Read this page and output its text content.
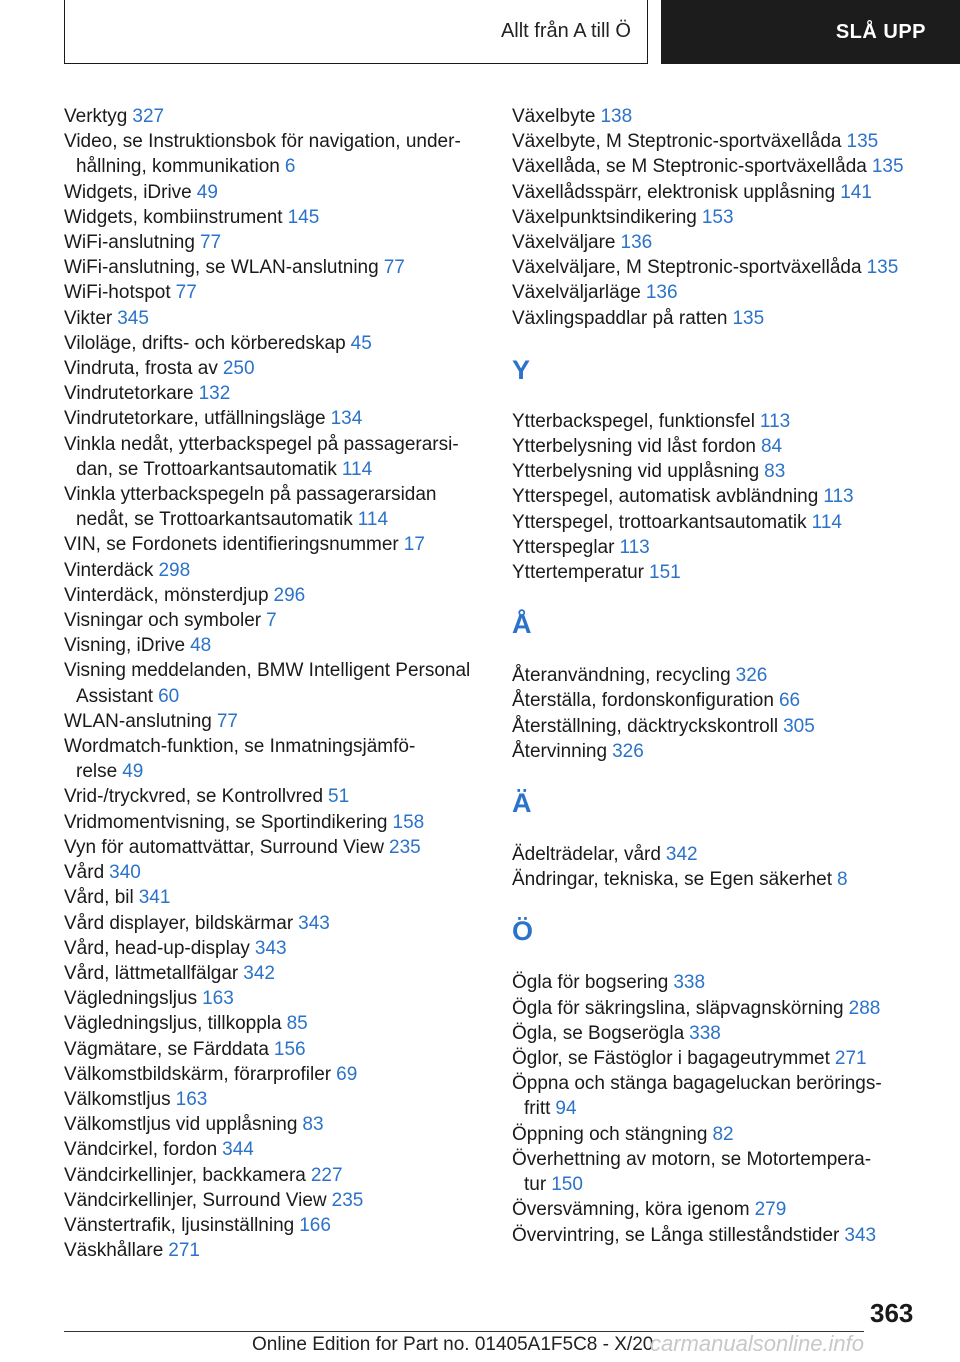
Allt från A till Ö	SLÅ UPP
Verktyg 327
Video, se Instruktionsbok för navigation, under-
hållning, kommunikation 6
Widgets, iDrive 49
Widgets, kombiinstrument 145
WiFi-anslutning 77
WiFi-anslutning, se WLAN-anslutning 77
WiFi-hotspot 77
Vikter 345
Viloläge, drifts- och körberedskap 45
Vindruta, frosta av 250
Vindrutetorkare 132
Vindrutetorkare, utfällningsläge 134
Vinkla nedåt, ytterbackspegel på passagerarsi-
dan, se Trottoarkantsautomatik 114
Vinkla ytterbackspegeln på passagerarsidan
nedåt, se Trottoarkantsautomatik 114
VIN, se Fordonets identifieringsnummer 17
Vinterdäck 298
Vinterdäck, mönsterdjup 296
Visningar och symboler 7
Visning, iDrive 48
Visning meddelanden, BMW Intelligent Personal
Assistant 60
WLAN-anslutning 77
Wordmatch-funktion, se Inmatningsjämfö-
relse 49
Vrid-/tryckvred, se Kontrollvred 51
Vridmomentvisning, se Sportindikering 158
Vyn för automattvättar, Surround View 235
Vård 340
Vård, bil 341
Vård displayer, bildskärmar 343
Vård, head-up-display 343
Vård, lättmetallfälgar 342
Vägledningsljus 163
Vägledningsljus, tillkoppla 85
Vägmätare, se Färddata 156
Välkomstbildskärm, förarprofiler 69
Välkomstljus 163
Välkomstljus vid upplåsning 83
Vändcirkel, fordon 344
Vändcirkellinjer, backkamera 227
Vändcirkellinjer, Surround View 235
Vänstertrafik, ljusinställning 166
Väskhållare 271
Växelbyte 138
Växelbyte, M Steptronic-sportväxellåda 135
Växellåda, se M Steptronic-sportväxellåda 135
Växellådsspärr, elektronisk upplåsning 141
Växelpunktsindikering 153
Växelväljare 136
Växelväljare, M Steptronic-sportväxellåda 135
Växelväljarläge 136
Växlingspaddlar på ratten 135
Y
Ytterbackspegel, funktionsfel 113
Ytterbelysning vid låst fordon 84
Ytterbelysning vid upplåsning 83
Ytterspegel, automatisk avbländning 113
Ytterspegel, trottoarkantsautomatik 114
Ytterspeglar 113
Yttertemperatur 151
Å
Återanvändning, recycling 326
Återställa, fordonskonfiguration 66
Återställning, däcktryckskontroll 305
Återvinning 326
Ä
Ädelträdelar, vård 342
Ändringar, tekniska, se Egen säkerhet 8
Ö
Ögla för bogsering 338
Ögla för säkringslina, släpvagnskörning 288
Ögla, se Bogserögla 338
Öglor, se Fästöglor i bagageutrymmet 271
Öppna och stänga bagageluckan berörings-
fritt 94
Öppning och stängning 82
Överhettning av motorn, se Motortempera-
tur 150
Översvämning, köra igenom 279
Övervintring, se Långa stilleståndstider 343
363
Online Edition for Part no. 01405A1F5C8 - X/20
carmanualsonline.info
